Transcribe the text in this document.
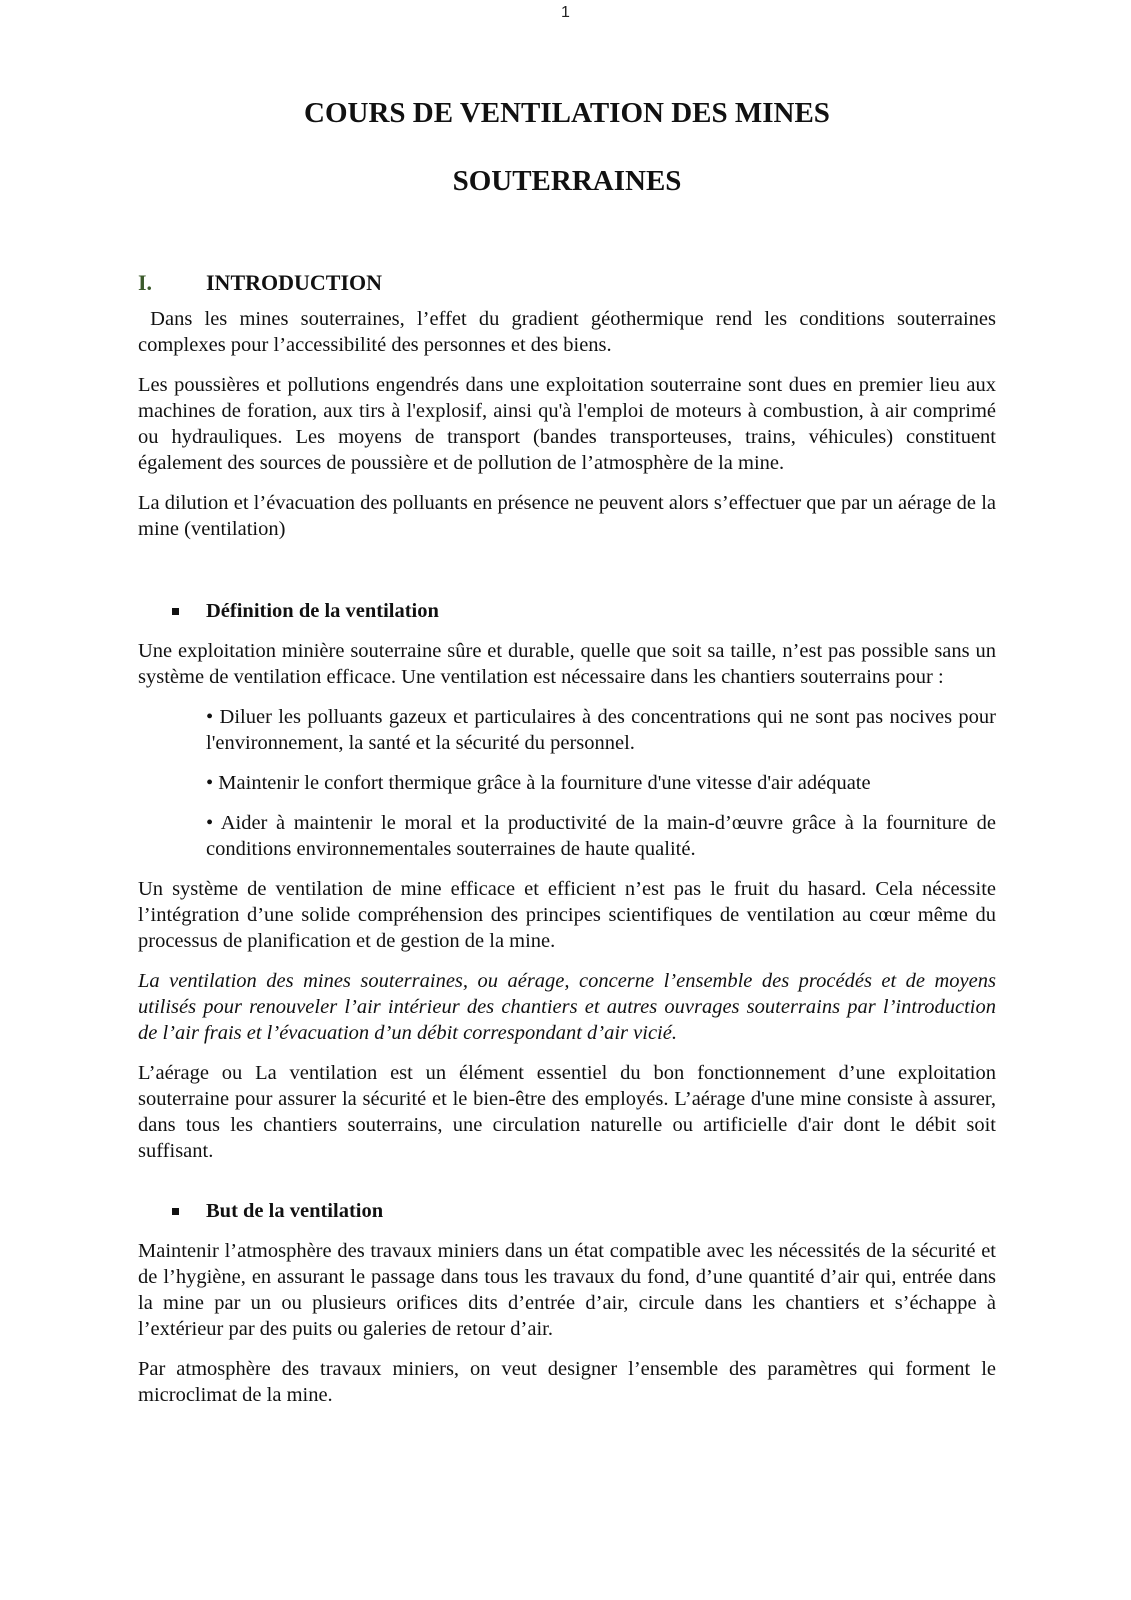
1
COURS DE VENTILATION DES MINES
SOUTERRAINES
I.	INTRODUCTION

Dans les mines souterraines, l’effet du gradient géothermique rend les conditions souterraines complexes pour l’accessibilité des personnes et des biens.

Les poussières et pollutions engendrés dans une exploitation souterraine sont dues en premier lieu aux machines de foration, aux tirs à l'explosif, ainsi qu'à l'emploi de moteurs à combustion, à air comprimé ou hydrauliques. Les moyens de transport (bandes transporteuses, trains, véhicules) constituent également des sources de poussière et de pollution de l’atmosphère de la mine.

La dilution et l’évacuation des polluants en présence ne peuvent alors s’effectuer que par un aérage de la mine (ventilation)

Définition de la ventilation

Une exploitation minière souterraine sûre et durable, quelle que soit sa taille, n’est pas possible sans un système de ventilation efficace. Une ventilation est nécessaire dans les chantiers souterrains pour :

• Diluer les polluants gazeux et particulaires à des concentrations qui ne sont pas nocives pour l'environnement, la santé et la sécurité du personnel.

• Maintenir le confort thermique grâce à la fourniture d'une vitesse d'air adéquate

• Aider à maintenir le moral et la productivité de la main-d’œuvre grâce à la fourniture de conditions environnementales souterraines de haute qualité.

Un système de ventilation de mine efficace et efficient n’est pas le fruit du hasard. Cela nécessite l’intégration d’une solide compréhension des principes scientifiques de ventilation au cœur même du processus de planification et de gestion de la mine.

La ventilation des mines souterraines, ou aérage, concerne l’ensemble des procédés et de moyens utilisés pour renouveler l’air intérieur des chantiers et autres ouvrages souterrains par l’introduction de l’air frais et l’évacuation d’un débit correspondant d’air vicié.

L’aérage ou La ventilation est un élément essentiel du bon fonctionnement d’une exploitation souterraine pour assurer la sécurité et le bien-être des employés. L’aérage d'une mine consiste à assurer, dans tous les chantiers souterrains, une circulation naturelle ou artificielle d'air dont le débit soit suffisant.

But de la ventilation

Maintenir l’atmosphère des travaux miniers dans un état compatible avec les nécessités de la sécurité et de l’hygiène, en assurant le passage dans tous les travaux du fond, d’une quantité d’air qui, entrée dans la mine par un ou plusieurs orifices dits d’entrée d’air, circule dans les chantiers et s’échappe à l’extérieur par des puits ou galeries de retour d’air.

Par atmosphère des travaux miniers, on veut designer l’ensemble des paramètres qui forment le microclimat de la mine.
